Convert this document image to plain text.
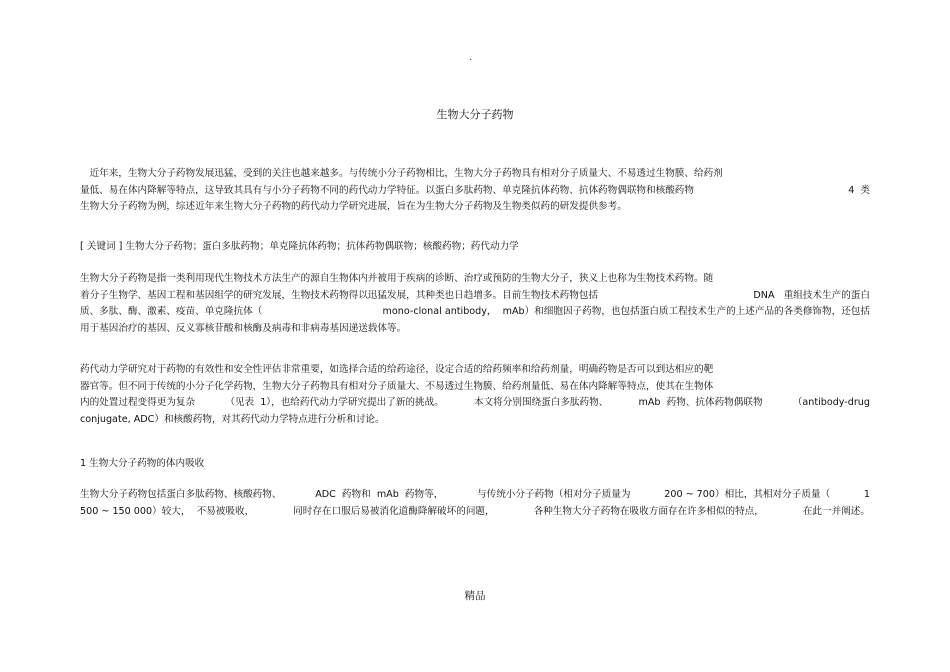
.
生物大分子药物
　近年来，生物大分子药物发展迅猛，受到的关注也越来越多。与传统小分子药物相比，生物大分子药物具有相对分子质量大、不易透过生物膜、给药剂
量低、易在体内降解等特点，这导致其具有与小分子药物不同的药代动力学特征。以蛋白多肽药物、单克隆抗体药物、抗体药物偶联物和核酸药物	4  类
生物大分子药物为例，综述近年来生物大分子药物的药代动力学研究进展，旨在为生物大分子药物及生物类似药的研发提供参考。
[ 关键词 ] 生物大分子药物；蛋白多肽药物；单克隆抗体药物；抗体药物偶联物；核酸药物；药代动力学
生物大分子药物是指一类利用现代生物技术方法生产的源自生物体内并被用于疾病的诊断、治疗或预防的生物大分子，狭义上也称为生物技术药物。随
着分子生物学、基因工程和基因组学的研究发展，生物技术药物得以迅猛发展，其种类也日趋增多。目前生物技术药物包括	DNA   重组技术生产的蛋白
质、多肽、酶、激素、疫苗、单克隆抗体（	mono-clonal antibody，  mAb）和细胞因子药物，也包括蛋白质工程技术生产的上述产品的各类修饰物，还包括
用于基因治疗的基因、反义寡核苷酸和核酶及病毒和非病毒基因递送载体等。
药代动力学研究对于药物的有效性和安全性评估非常重要，如选择合适的给药途径，设定合适的给药频率和给药剂量，明确药物是否可以到达相应的靶
器官等。但不同于传统的小分子化学药物，生物大分子药物具有相对分子质量大、不易透过生物膜、给药剂量低、易在体内降解等特点，使其在生物体
内的处置过程变得更为复杂	（见表  1），也给药代动力学研究提出了新的挑战。	本文将分别围绕蛋白多肽药物、	mAb  药物、抗体药物偶联物	（antibody-drug
conjugate, ADC）和核酸药物，对其药代动力学特点进行分析和讨论。
1 生物大分子药物的体内吸收
生物大分子药物包括蛋白多肽药物、核酸药物、	ADC  药物和  mAb  药物等，	与传统小分子药物（相对分子质量为	200 ~ 700）相比，其相对分子质量（	1
500 ~ 150 000）较大，  不易被吸收，	同时存在口服后易被消化道酶降解破坏的问题，	各种生物大分子药物在吸收方面存在许多相似的特点，	在此一并阐述。
精品
